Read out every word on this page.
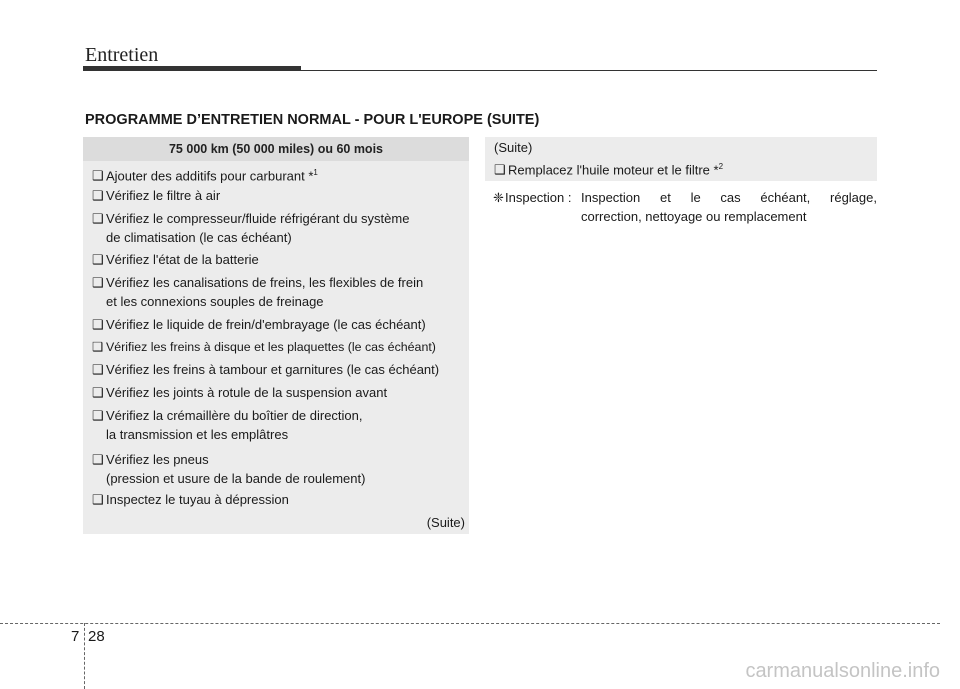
Entretien
PROGRAMME D’ENTRETIEN NORMAL - POUR L'EUROPE (SUITE)
75 000 km (50 000 miles) ou 60 mois
❑ Ajouter des additifs pour carburant *$^1$
❑ Vérifiez le filtre à air
❑ Vérifiez le compresseur/fluide réfrigérant du système
de climatisation (le cas échéant)
❑ Vérifiez l'état de la batterie
❑ Vérifiez les canalisations de freins, les flexibles de frein
et les connexions souples de freinage
❑ Vérifiez le liquide de frein/d'embrayage (le cas échéant)
❑ Vérifiez les freins à disque et les plaquettes (le cas échéant)
❑ Vérifiez les freins à tambour et garnitures (le cas échéant)
❑ Vérifiez les joints à rotule de la suspension avant
❑ Vérifiez la crémaillère du boîtier de direction,
la transmission et les emplâtres
❑ Vérifiez les pneus
(pression et usure de la bande de roulement)
❑ Inspectez le tuyau à dépression
(Suite)
(Suite)
❑ Remplacez l'huile moteur et le filtre *$^2$
❈Inspection : Inspection et le cas échéant, réglage,
correction, nettoyage ou remplacement
7 28
carmanualsonline.info
